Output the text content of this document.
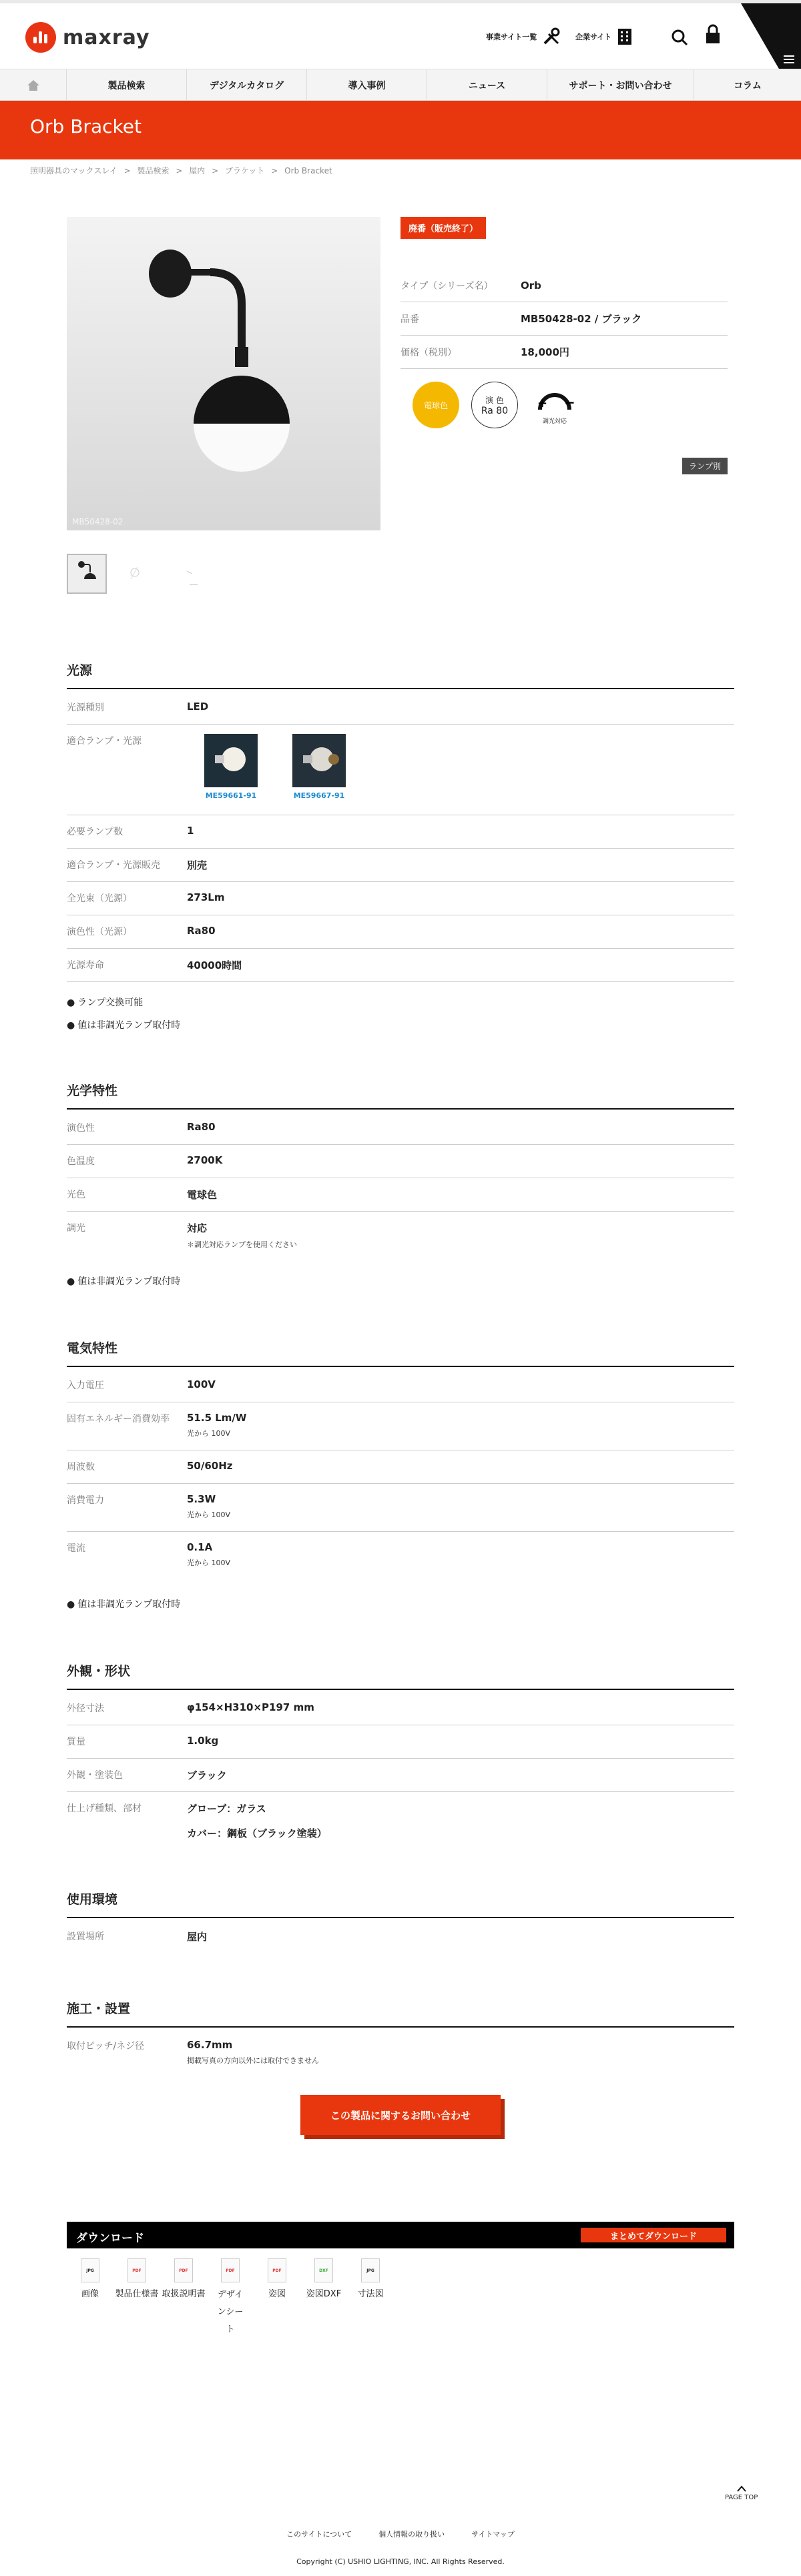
maxray	事業サイト一覧	企業サイト
製品検索	デジタルカタログ	導入事例	ニュース	サポート・お問い合わせ	コラム
Orb Bracket
照明器具のマックスレイ > 製品検索 > 屋内 > ブラケット > Orb Bracket
MB50428-02
廃番（販売終了）
タイプ（シリーズ名）	Orb
品番	MB50428-02 / ブラック
価格（税別）	18,000円
電球色
演 色
Ra 80
+ −
調光対応
ランプ別
光源
光源種別	LED
適合ランプ・光源
ME59661-91	ME59667-91
必要ランプ数	1
適合ランプ・光源販売	別売
全光束（光源）	273Lm
演色性（光源）	Ra80
光源寿命	40000時間
● ランプ交換可能
● 値は非調光ランプ取付時
光学特性
演色性	Ra80
色温度	2700K
光色	電球色
調光	対応
＊調光対応ランプを使用ください
● 値は非調光ランプ取付時
電気特性
入力電圧	100V
固有エネルギー消費効率	51.5 Lm/W
光から 100V
周波数	50/60Hz
消費電力	5.3W
光から 100V
電流	0.1A
光から 100V
● 値は非調光ランプ取付時
外観・形状
外径寸法	φ154×H310×P197 mm
質量	1.0kg
外観・塗装色	ブラック
仕上げ種類、部材	グローブ：ガラス
カバー：鋼板（ブラック塗装）
使用環境
設置場所	屋内
施工・設置
取付ピッチ/ネジ径	66.7mm
掲載写真の方向以外には取付できません
この製品に関するお問い合わせ
ダウンロード	まとめてダウンロード
JPG
画像
PDF
製品仕様書
PDF
取扱説明書
PDF
デザインシート
PDF
姿図
DXF
姿図DXF
JPG
寸法図
PAGE TOP
このサイトについて	個人情報の取り扱い	サイトマップ
Copyright (C) USHIO LIGHTING, INC. All Rights Reserved.
